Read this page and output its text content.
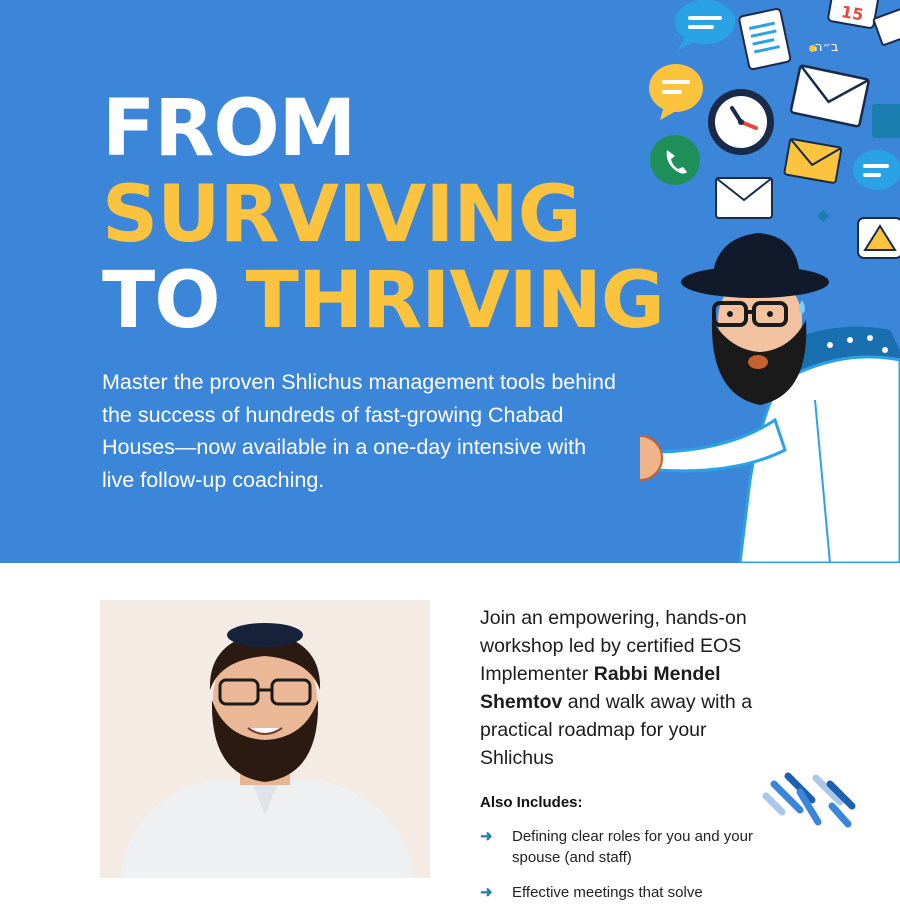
FROM
SURVIVING
TO THRIVING

Master the proven Shlichus management tools behind the success of hundreds of fast-growing Chabad Houses—now available in a one-day intensive with live follow-up coaching.

ב״ה
15

Join an empowering, hands-on workshop led by certified EOS Implementer Rabbi Mendel Shemtov and walk away with a practical roadmap for your Shlichus

Also Includes:

➜ Defining clear roles for you and your spouse (and staff)
➜ Effective meetings that solve
